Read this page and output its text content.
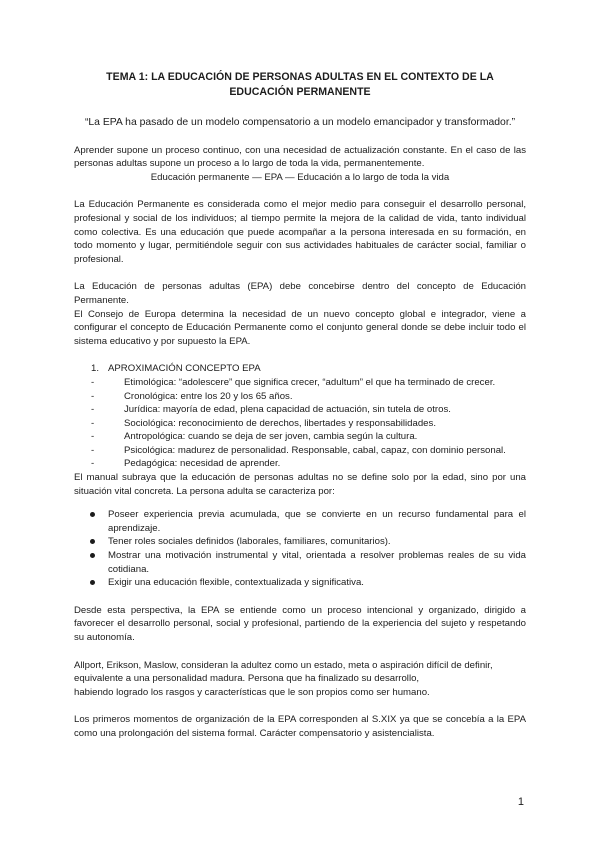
TEMA 1: LA EDUCACIÓN DE PERSONAS ADULTAS EN EL CONTEXTO DE LA
EDUCACIÓN PERMANENTE

“La EPA ha pasado de un modelo compensatorio a un modelo emancipador y transformador.”

Aprender supone un proceso continuo, con una necesidad de actualización constante. En el caso de las personas adultas supone un proceso a lo largo de toda la vida, permanentemente.

Educación permanente — EPA — Educación a lo largo de toda la vida

La Educación Permanente es considerada como el mejor medio para conseguir el desarrollo personal, profesional y social de los individuos; al tiempo permite la mejora de la calidad de vida, tanto individual como colectiva. Es una educación que puede acompañar a la persona interesada en su formación, en todo momento y lugar, permitiéndole seguir con sus actividades habituales de carácter social, familiar o profesional.

La Educación de personas adultas (EPA) debe concebirse dentro del concepto de Educación Permanente.

El Consejo de Europa determina la necesidad de un nuevo concepto global e integrador, viene a configurar el concepto de Educación Permanente como el conjunto general donde se debe incluir todo el sistema educativo y por supuesto la EPA.

1. APROXIMACIÓN CONCEPTO EPA
-	Etimológica: “adolescere” que significa crecer, “adultum” el que ha terminado de crecer.
-	Cronológica: entre los 20 y los 65 años.
-	Jurídica: mayoría de edad, plena capacidad de actuación, sin tutela de otros.
-	Sociológica: reconocimiento de derechos, libertades y responsabilidades.
-	Antropológica: cuando se deja de ser joven, cambia según la cultura.
-	Psicológica: madurez de personalidad. Responsable, cabal, capaz, con dominio personal.
-	Pedagógica: necesidad de aprender.

El manual subraya que la educación de personas adultas no se define solo por la edad, sino por una situación vital concreta. La persona adulta se caracteriza por:

Poseer experiencia previa acumulada, que se convierte en un recurso fundamental para el aprendizaje.
Tener roles sociales definidos (laborales, familiares, comunitarios).
Mostrar una motivación instrumental y vital, orientada a resolver problemas reales de su vida cotidiana.
Exigir una educación flexible, contextualizada y significativa.

Desde esta perspectiva, la EPA se entiende como un proceso intencional y organizado, dirigido a favorecer el desarrollo personal, social y profesional, partiendo de la experiencia del sujeto y respetando su autonomía.

Allport, Erikson, Maslow, consideran la adultez como un estado, meta o aspiración difícil de definir, equivalente a una personalidad madura. Persona que ha finalizado su desarrollo,
habiendo logrado los rasgos y características que le son propios como ser humano.

Los primeros momentos de organización de la EPA corresponden al S.XIX ya que se concebía a la EPA como una prolongación del sistema formal. Carácter compensatorio y asistencialista.

1
